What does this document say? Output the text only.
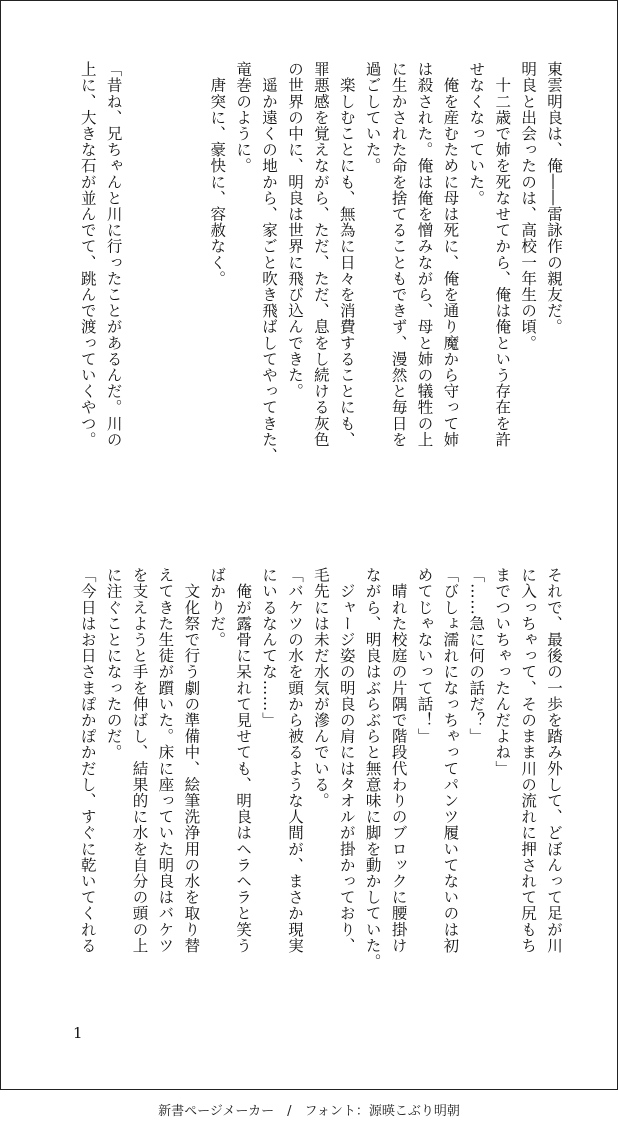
東雲明良は、俺――雷詠作の親友だ。

明良と出会ったのは、高校一年生の頃。

　十二歳で姉を死なせてから、俺は俺という存在を許

せなくなっていた。

　俺を産むために母は死に、俺を通り魔から守って姉

は殺された。俺は俺を憎みながら、母と姉の犠牲の上

に生かされた命を捨てることもできず、漫然と毎日を

過ごしていた。

　楽しむことにも、無為に日々を消費することにも、

罪悪感を覚えながら、ただ、ただ、息をし続ける灰色

の世界の中に、明良は世界に飛び込んできた。

　遥か遠くの地から、家ごと吹き飛ばしてやってきた、

竜巻のように。

　唐突に、豪快に、容赦なく。

「昔ね、兄ちゃんと川に行ったことがあるんだ。川の

上に、大きな石が並んでて、跳んで渡っていくやつ。

それで、最後の一歩を踏み外して、どぼんって足が川

に入っちゃって、そのまま川の流れに押されて尻もち

までついちゃったんだよね」

「……急に何の話だ？」

「びしょ濡れになっちゃってパンツ履いてないのは初

めてじゃないって話！」

　晴れた校庭の片隅で階段代わりのブロックに腰掛け

ながら、明良はぶらぶらと無意味に脚を動かしていた。

　ジャージ姿の明良の肩にはタオルが掛かっており、

毛先には未だ水気が滲んでいる。

「バケツの水を頭から被るような人間が、まさか現実

にいるなんてな……」

　俺が露骨に呆れて見せても、明良はヘラヘラと笑う

ばかりだ。

　文化祭で行う劇の準備中、絵筆洗浄用の水を取り替

えてきた生徒が躓いた。床に座っていた明良はバケツ

を支えようと手を伸ばし、結果的に水を自分の頭の上

に注ぐことになったのだ。

「今日はお日さまぽかぽかだし、すぐに乾いてくれる

1
新書ページメーカー　/　フォント：源暎こぶり明朝
